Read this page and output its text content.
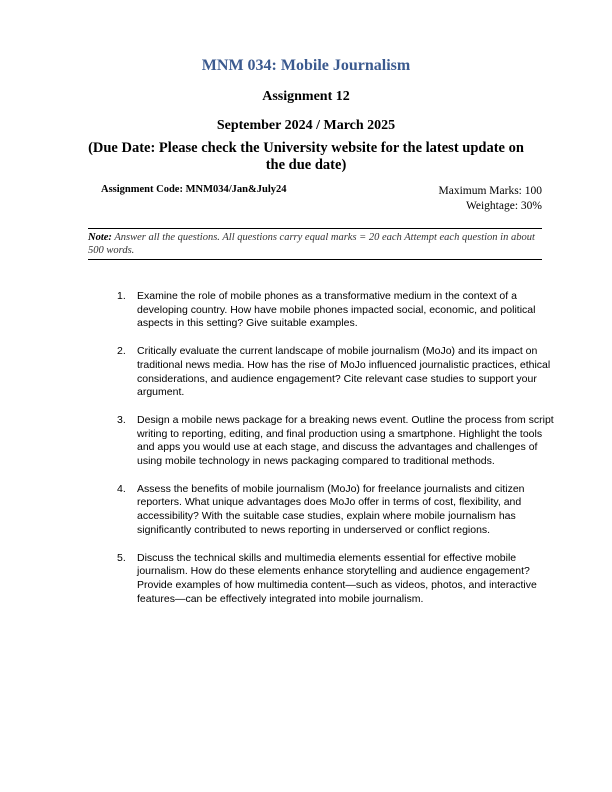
MNM 034: Mobile Journalism
Assignment 12
September 2024 / March 2025
(Due Date: Please check the University website for the latest update on the due date)
Assignment Code: MNM034/Jan&July24	Maximum Marks: 100
Weightage: 30%
Note: Answer all the questions. All questions carry equal marks = 20 each Attempt each question in about 500 words.
1. Examine the role of mobile phones as a transformative medium in the context of a developing country. How have mobile phones impacted social, economic, and political aspects in this setting? Give suitable examples.
2. Critically evaluate the current landscape of mobile journalism (MoJo) and its impact on traditional news media. How has the rise of MoJo influenced journalistic practices, ethical considerations, and audience engagement? Cite relevant case studies to support your argument.
3. Design a mobile news package for a breaking news event. Outline the process from script writing to reporting, editing, and final production using a smartphone. Highlight the tools and apps you would use at each stage, and discuss the advantages and challenges of using mobile technology in news packaging compared to traditional methods.
4. Assess the benefits of mobile journalism (MoJo) for freelance journalists and citizen reporters. What unique advantages does MoJo offer in terms of cost, flexibility, and accessibility? With the suitable case studies, explain where mobile journalism has significantly contributed to news reporting in underserved or conflict regions.
5. Discuss the technical skills and multimedia elements essential for effective mobile journalism. How do these elements enhance storytelling and audience engagement? Provide examples of how multimedia content—such as videos, photos, and interactive features—can be effectively integrated into mobile journalism.
